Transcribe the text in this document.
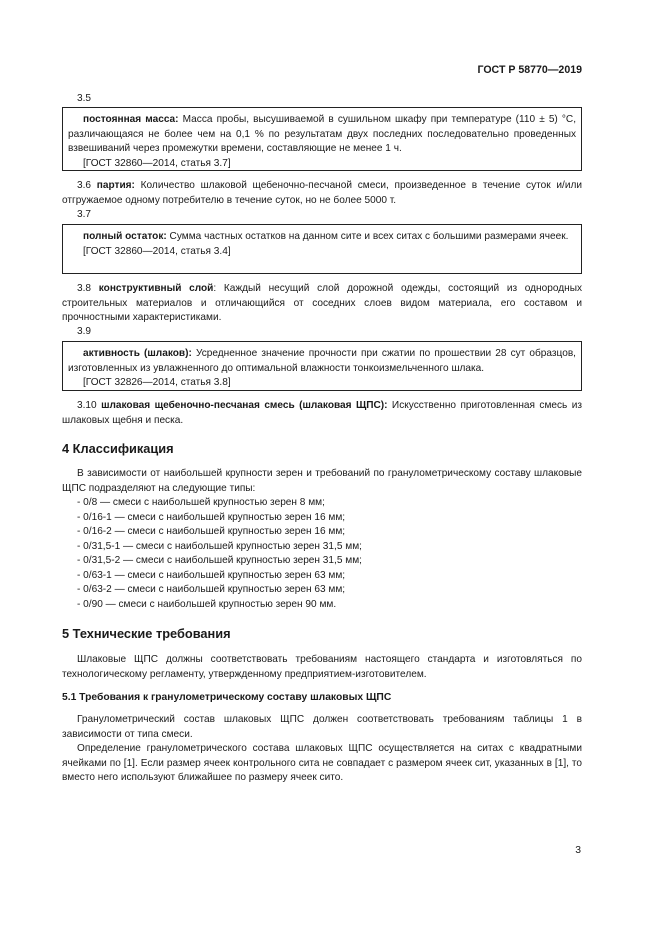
ГОСТ Р 58770—2019
3.5

постоянная масса: Масса пробы, высушиваемой в сушильном шкафу при температуре (110 ± 5) °С, различающаяся не более чем на 0,1 % по результатам двух последних последовательно проведенных взвешиваний через промежутки времени, составляющие не менее 1 ч.

[ГОСТ 32860—2014, статья 3.7]

3.6 партия: Количество шлаковой щебеночно-песчаной смеси, произведенное в течение суток и/или отгружаемое одному потребителю в течение суток, но не более 5000 т.

3.7

полный остаток: Сумма частных остатков на данном сите и всех ситах с большими размерами ячеек.

[ГОСТ 32860—2014, статья 3.4]

3.8 конструктивный слой: Каждый несущий слой дорожной одежды, состоящий из однородных строительных материалов и отличающийся от соседних слоев видом материала, его составом и прочностными характеристиками.

3.9

активность (шлаков): Усредненное значение прочности при сжатии по прошествии 28 сут образцов, изготовленных из увлажненного до оптимальной влажности тонкоизмельченного шлака.

[ГОСТ 32826—2014, статья 3.8]

3.10 шлаковая щебеночно-песчаная смесь (шлаковая ЩПС): Искусственно приготовленная смесь из шлаковых щебня и песка.

4 Классификация

В зависимости от наибольшей крупности зерен и требований по гранулометрическому составу шлаковые ЩПС подразделяют на следующие типы:

- 0/8 — смеси с наибольшей крупностью зерен 8 мм;
- 0/16-1 — смеси с наибольшей крупностью зерен 16 мм;
- 0/16-2 — смеси с наибольшей крупностью зерен 16 мм;
- 0/31,5-1 — смеси с наибольшей крупностью зерен 31,5 мм;
- 0/31,5-2 — смеси с наибольшей крупностью зерен 31,5 мм;
- 0/63-1 — смеси с наибольшей крупностью зерен 63 мм;
- 0/63-2 — смеси с наибольшей крупностью зерен 63 мм;
- 0/90 — смеси с наибольшей крупностью зерен 90 мм.
5 Технические требования

Шлаковые ЩПС должны соответствовать требованиям настоящего стандарта и изготовляться по технологическому регламенту, утвержденному предприятием-изготовителем.

5.1 Требования к гранулометрическому составу шлаковых ЩПС

Гранулометрический состав шлаковых ЩПС должен соответствовать требованиям таблицы 1 в зависимости от типа смеси.

Определение гранулометрического состава шлаковых ЩПС осуществляется на ситах с квадратными ячейками по [1]. Если размер ячеек контрольного сита не совпадает с размером ячеек сит, указанных в [1], то вместо него используют ближайшее по размеру ячеек сито.

3
